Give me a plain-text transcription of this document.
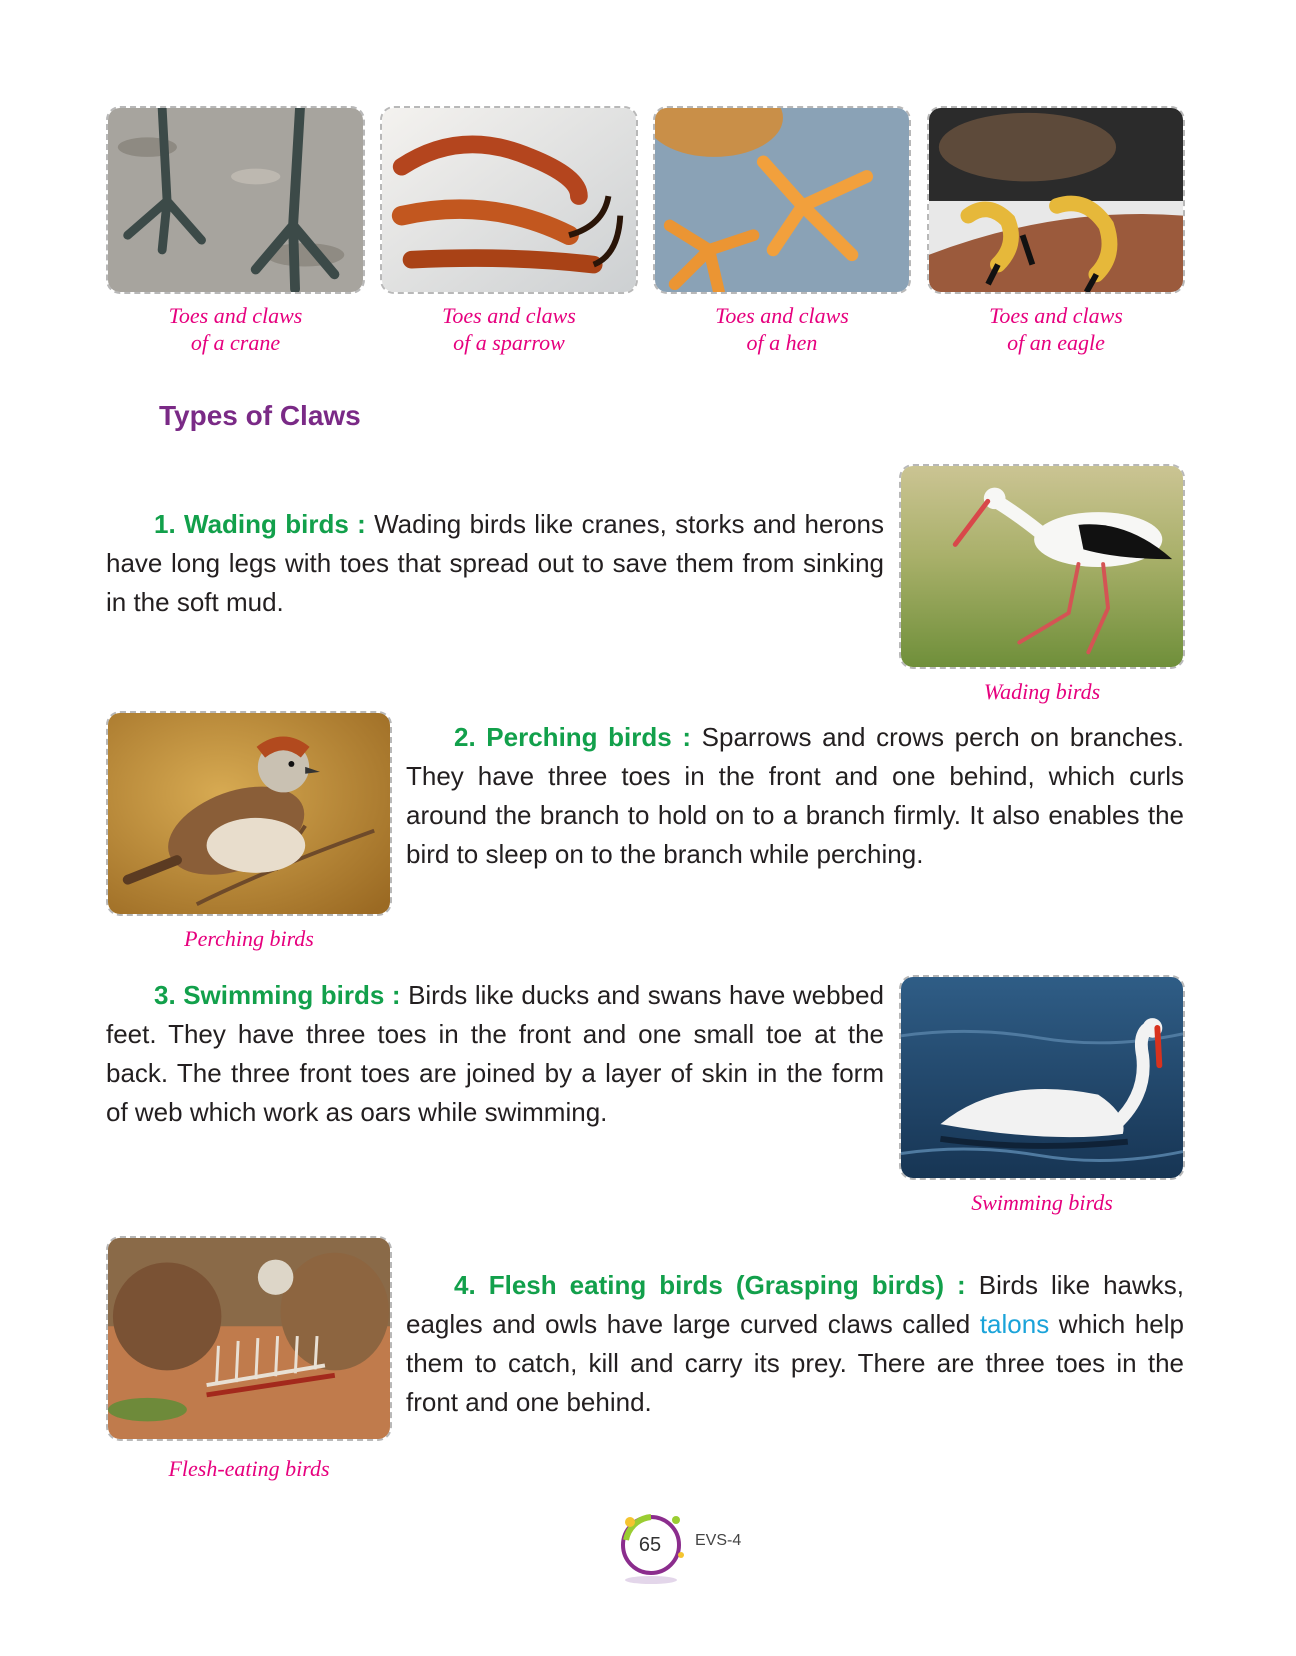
Toes and claws
of a crane
Toes and claws
of a sparrow
Toes and claws
of a hen
Toes and claws
of an eagle
Types of Claws
1. Wading birds : Wading birds like cranes, storks and herons have long legs with toes that spread out to save them from sinking in the soft mud.
Wading birds
Perching birds
2. Perching birds : Sparrows and crows perch on branches. They have three toes in the front and one behind, which curls around the branch to hold on to a branch firmly. It also enables the bird to sleep on to the branch while perching.
3. Swimming birds : Birds like ducks and swans have webbed feet. They have three toes in the front and one small toe at the back. The three front toes are joined by a layer of skin in the form of web which work as oars while swimming.
Swimming birds
Flesh-eating birds
4. Flesh eating birds (Grasping birds) : Birds like hawks, eagles and owls have large curved claws called talons which help them to catch, kill and carry its prey. There are three toes in the front and one behind.
65	EVS-4
